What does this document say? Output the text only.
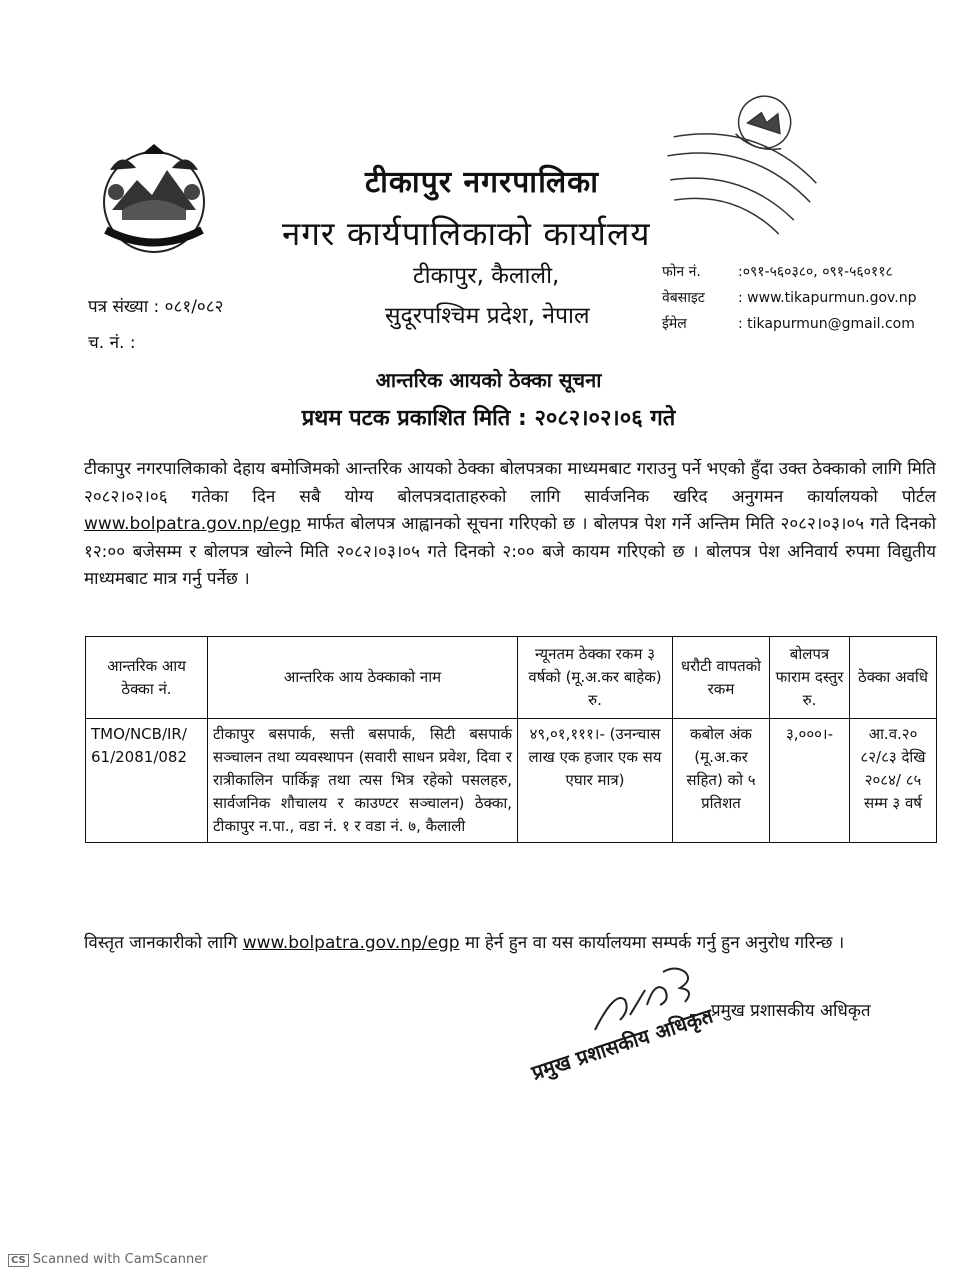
टीकापुर नगरपालिका
नगर कार्यपालिकाको कार्यालय
टीकापुर, कैलाली,
सुदूरपश्चिम प्रदेश, नेपाल
फोन नं.	:०९१-५६०३८०, ०९१-५६०११८
वेबसाइट : www.tikapurmun.gov.np
ईमेल	: tikapurmun@gmail.com
पत्र संख्या : ०८१/०८२
च. नं. :
आन्तरिक आयको ठेक्का सूचना
प्रथम पटक प्रकाशित मिति : २०८२।०२।०६ गते
टीकापुर नगरपालिकाको देहाय बमोजिमको आन्तरिक आयको ठेक्का बोलपत्रका माध्यमबाट गराउनु पर्ने भएको हुँदा उक्त ठेक्काको लागि मिति २०८२।०२।०६ गतेका दिन सबै योग्य बोलपत्रदाताहरुको लागि सार्वजनिक खरिद अनुगमन कार्यालयको पोर्टल www.bolpatra.gov.np/egp मार्फत बोलपत्र आह्वानको सूचना गरिएको छ । बोलपत्र पेश गर्ने अन्तिम मिति २०८२।०३।०५ गते दिनको १२:०० बजेसम्म र बोलपत्र खोल्ने मिति २०८२।०३।०५ गते दिनको २:०० बजे कायम गरिएको छ । बोलपत्र पेश अनिवार्य रुपमा विद्युतीय माध्यमबाट मात्र गर्नु पर्नेछ ।
आन्तरिक आय ठेक्का नं.	आन्तरिक आय ठेक्काको नाम	न्यूनतम ठेक्का रकम ३ वर्षको (मू.अ.कर बाहेक) रु.	धरौटी वापतको रकम	बोलपत्र फाराम दस्तुर रु.	ठेक्का अवधि
TMO/NCB/IR/ 61/2081/082	टीकापुर बसपार्क, सत्ती बसपार्क, सिटी बसपार्क सञ्चालन तथा व्यवस्थापन (सवारी साधन प्रवेश, दिवा र रात्रीकालिन पार्किङ्ग तथा त्यस भित्र रहेको पसलहरु, सार्वजनिक शौचालय र काउण्टर सञ्चालन) ठेक्का, टीकापुर न.पा., वडा नं. १ र वडा नं. ७, कैलाली	४९,०१,१११।- (उनन्चास लाख एक हजार एक सय एघार मात्र)	कबोल अंक (मू.अ.कर सहित) को ५ प्रतिशत	३,०००।-	आ.व.२० ८२/८३ देखि २०८४/ ८५ सम्म ३ वर्ष
विस्तृत जानकारीको लागि www.bolpatra.gov.np/egp मा हेर्न हुन वा यस कार्यालयमा सम्पर्क गर्नु हुन अनुरोध गरिन्छ ।
प्रमुख प्रशासकीय अधिकृत
प्रमुख प्रशासकीय अधिकृत
CS Scanned with CamScanner
